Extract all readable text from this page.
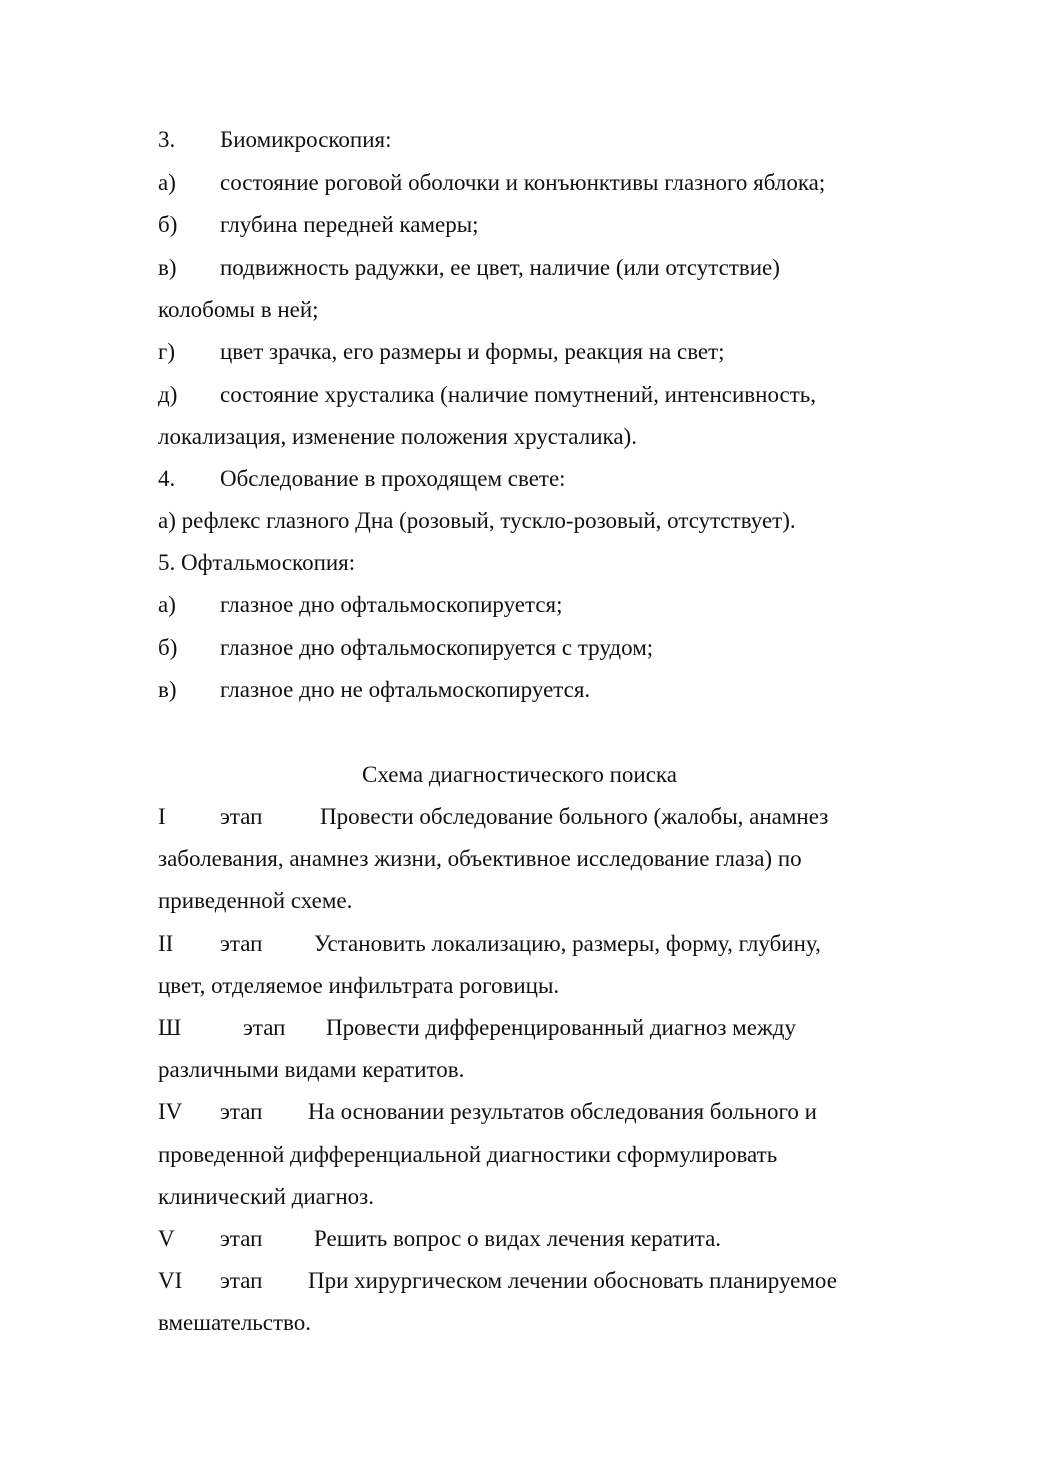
3. Биомикроскопия:
а) состояние роговой оболочки и конъюнктивы глазного яблока;
б) глубина передней камеры;
в) подвижность радужки, ее цвет, наличие (или отсутствие)
колобомы в ней;
г) цвет зрачка, его размеры и формы, реакция на свет;
д) состояние хрусталика (наличие помутнений, интенсивность,
локализация, изменение положения хрусталика).
4. Обследование в проходящем свете:
а) рефлекс глазного Дна (розовый, тускло-розовый, отсутствует).
5. Офтальмоскопия:
а) глазное дно офтальмоскопируется;
б) глазное дно офтальмоскопируется с трудом;
в) глазное дно не офтальмоскопируется.
Схема диагностического поиска
I этап	Провести обследование больного (жалобы, анамнез
заболевания, анамнез жизни, объективное исследование глаза) по
приведенной схеме.
II этап Установить локализацию, размеры, форму, глубину,
цвет, отделяемое инфильтрата роговицы.
Ш	этап Провести дифференцированный диагноз между
различными видами кератитов.
IV этап На основании результатов обследования больного и
проведенной дифференциальной диагностики сформулировать
клинический диагноз.
V этап Решить вопрос о видах лечения кератита.
VI этап При хирургическом лечении обосновать планируемое
вмешательство.
